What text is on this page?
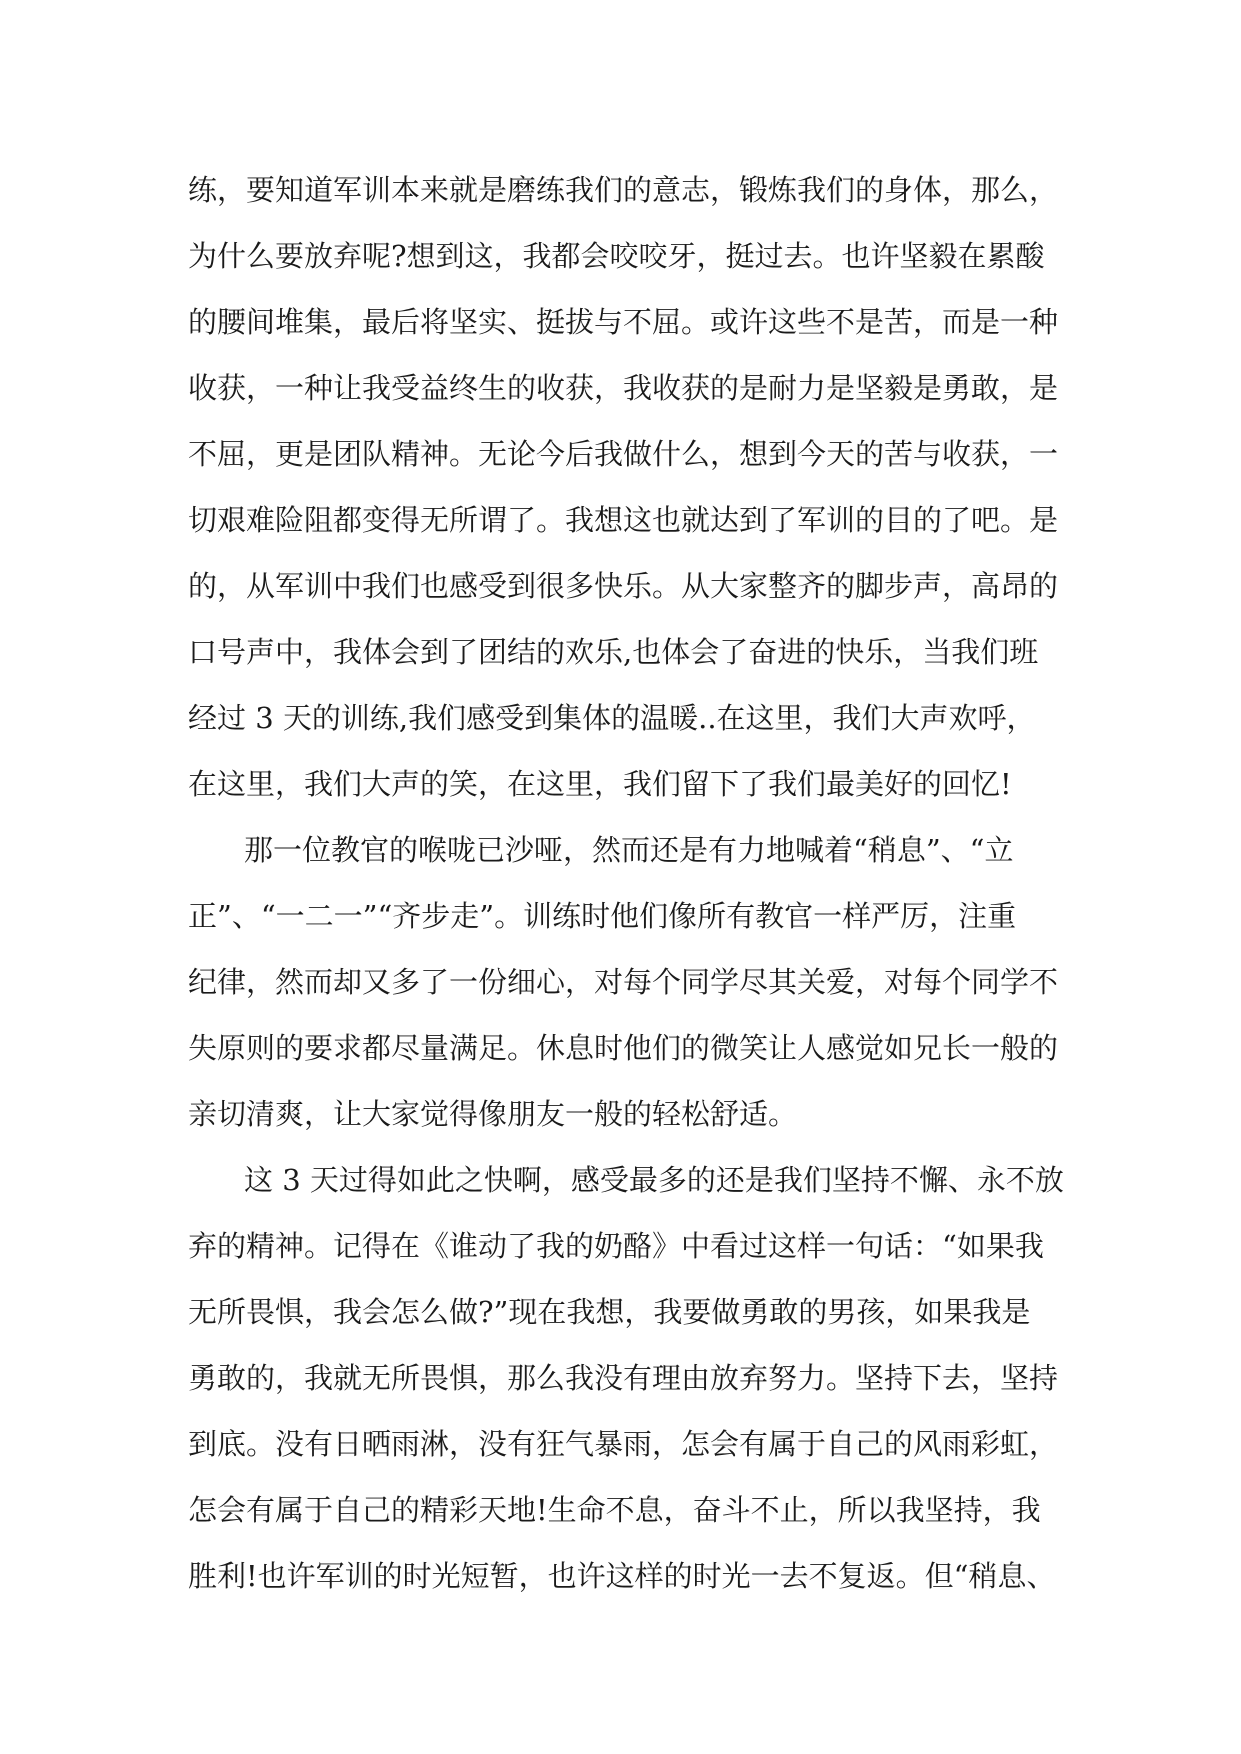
练，要知道军训本来就是磨练我们的意志，锻炼我们的身体，那么，
为什么要放弃呢?想到这，我都会咬咬牙，挺过去。也许坚毅在累酸
的腰间堆集，最后将坚实、挺拔与不屈。或许这些不是苦，而是一种
收获，一种让我受益终生的收获，我收获的是耐力是坚毅是勇敢，是
不屈，更是团队精神。无论今后我做什么，想到今天的苦与收获，一
切艰难险阻都变得无所谓了。我想这也就达到了军训的目的了吧。是
的，从军训中我们也感受到很多快乐。从大家整齐的脚步声，高昂的
口号声中，我体会到了团结的欢乐,也体会了奋进的快乐，当我们班
经过 3 天的训练,我们感受到集体的温暖..在这里，我们大声欢呼，
在这里，我们大声的笑，在这里，我们留下了我们最美好的回忆!
那一位教官的喉咙已沙哑，然而还是有力地喊着“稍息”、“立
正”、“一二一”“齐步走”。训练时他们像所有教官一样严厉，注重
纪律，然而却又多了一份细心，对每个同学尽其关爱，对每个同学不
失原则的要求都尽量满足。休息时他们的微笑让人感觉如兄长一般的
亲切清爽，让大家觉得像朋友一般的轻松舒适。
这 3 天过得如此之快啊，感受最多的还是我们坚持不懈、永不放
弃的精神。记得在《谁动了我的奶酪》中看过这样一句话：“如果我
无所畏惧，我会怎么做?”现在我想，我要做勇敢的男孩，如果我是
勇敢的，我就无所畏惧，那么我没有理由放弃努力。坚持下去，坚持
到底。没有日晒雨淋，没有狂气暴雨，怎会有属于自己的风雨彩虹，
怎会有属于自己的精彩天地!生命不息，奋斗不止，所以我坚持，我
胜利!也许军训的时光短暂，也许这样的时光一去不复返。但“稍息、
